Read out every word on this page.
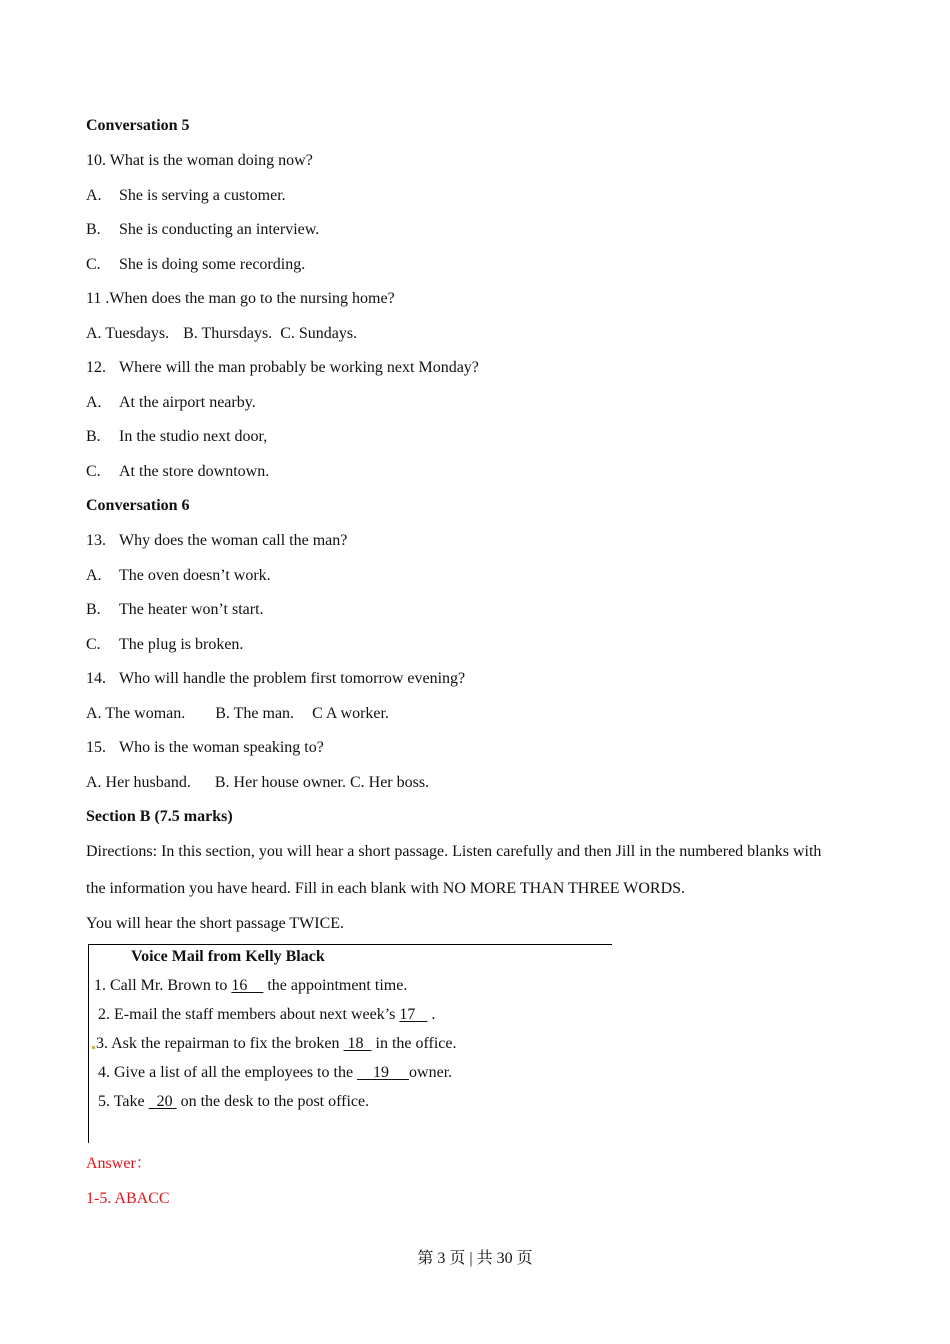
Conversation 5
10. What is the woman doing now?
A. She is serving a customer.
B. She is conducting an interview.
C. She is doing some recording.
11 .When does the man go to the nursing home?
A. Tuesdays. B. Thursdays. C. Sundays.
12. Where will the man probably be working next Monday?
A. At the airport nearby.
B. In the studio next door,
C. At the store downtown.
Conversation 6
13. Why does the woman call the man?
A. The oven doesn’t work.
B. The heater won’t start.
C. The plug is broken.
14. Who will handle the problem first tomorrow evening?
A. The woman. B. The man. C A worker.
15. Who is the woman speaking to?
A. Her husband. B. Her house owner. C. Her boss.
Section B (7.5 marks)
Directions: In this section, you will hear a short passage. Listen carefully and then Jill in the numbered blanks with
the information you have heard. Fill in each blank with NO MORE THAN THREE WORDS.
You will hear the short passage TWICE.
Voice Mail from Kelly Black
1. Call Mr. Brown to 16     the appointment time.
2. E-mail the staff members about next week’s 17    .
3. Ask the repairman to fix the broken  18   in the office.
4. Give a list of all the employees to the     19 owner.
5. Take   20  on the desk to the post office.
Answer：
1-5. ABACC
第 3 页 | 共 30 页
